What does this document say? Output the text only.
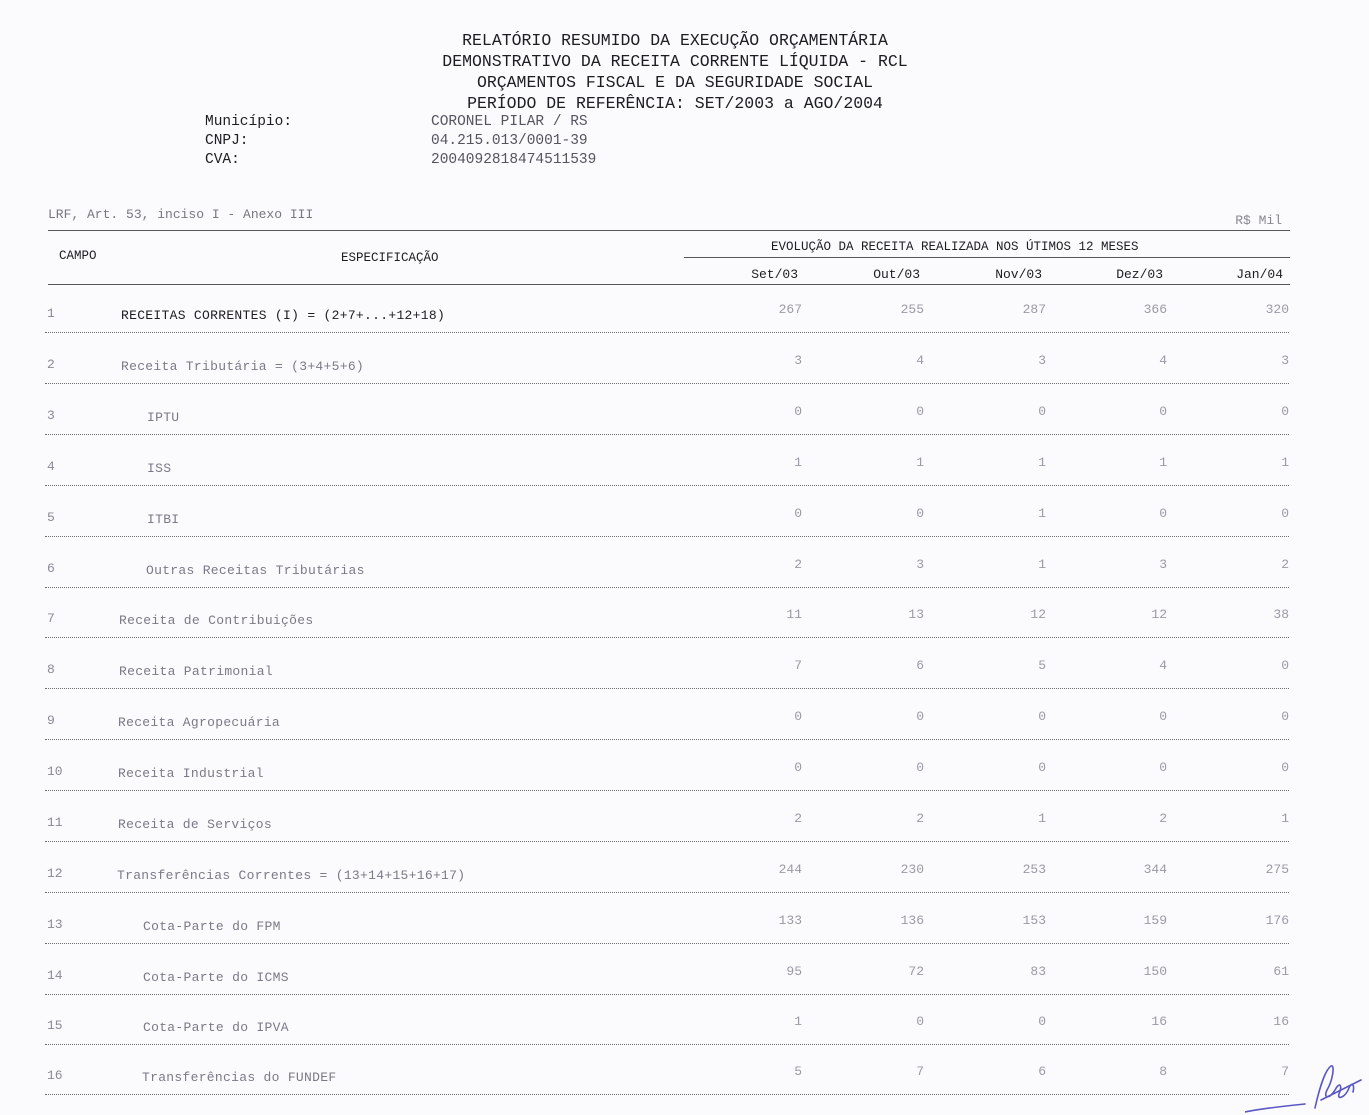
RELATÓRIO RESUMIDO DA EXECUÇÃO ORÇAMENTÁRIA
DEMONSTRATIVO DA RECEITA CORRENTE LÍQUIDA - RCL
ORÇAMENTOS FISCAL E DA SEGURIDADE SOCIAL
PERÍODO DE REFERÊNCIA: SET/2003 a AGO/2004
Município:	CORONEL PILAR / RS
CNPJ:	04.215.013/0001-39
CVA:	2004092818474511539
LRF, Art. 53, inciso I - Anexo III	R$ Mil
CAMPO	ESPECIFICAÇÃO
EVOLUÇÃO DA RECEITA REALIZADA NOS ÚTIMOS 12 MESES
Set/03	Out/03	Nov/03	Dez/03	Jan/04
1	RECEITAS CORRENTES (I) = (2+7+...+12+18)	267	255	287	366	320
2	Receita Tributária = (3+4+5+6)	3	4	3	4	3
3	IPTU	0	0	0	0	0
4	ISS	1	1	1	1	1
5	ITBI	0	0	1	0	0
6	Outras Receitas Tributárias	2	3	1	3	2
7	Receita de Contribuições	11	13	12	12	38
8	Receita Patrimonial	7	6	5	4	0
9	Receita Agropecuária	0	0	0	0	0
10	Receita Industrial	0	0	0	0	0
11	Receita de Serviços	2	2	1	2	1
12	Transferências Correntes = (13+14+15+16+17)	244	230	253	344	275
13	Cota-Parte do FPM	133	136	153	159	176
14	Cota-Parte do ICMS	95	72	83	150	61
15	Cota-Parte do IPVA	1	0	0	16	16
16	Transferências do FUNDEF	5	7	6	8	7
